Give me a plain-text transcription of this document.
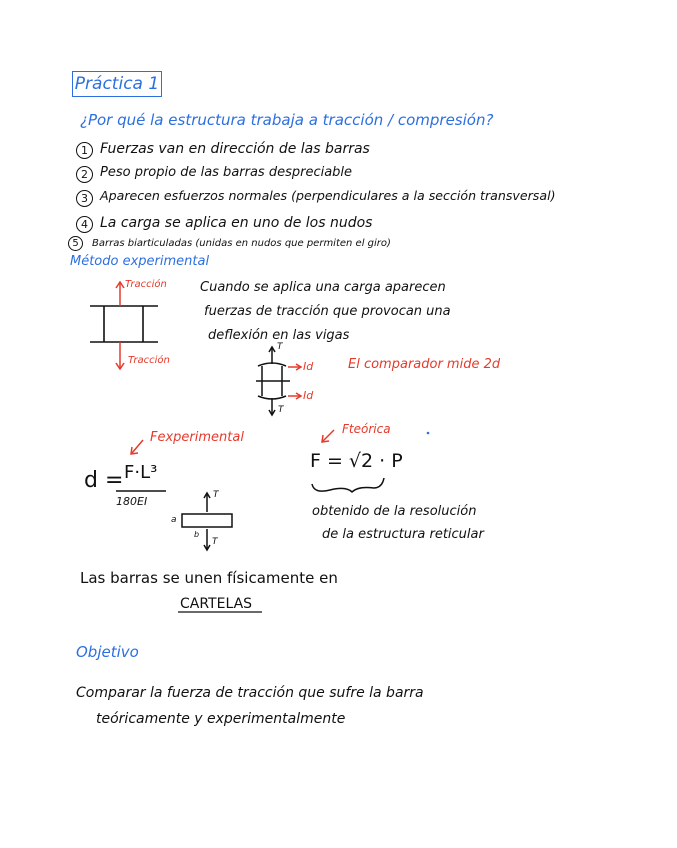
Práctica 1
¿Por qué la estructura trabaja a tracción / compresión?
1 Fuerzas van en dirección de las barras
2 Peso propio de las barras despreciable
3 Aparecen esfuerzos normales (perpendiculares a la sección transversal)
4 La carga se aplica en uno de los nudos
5	Barras biarticuladas (unidas en nudos que permiten el giro)
Método experimental
Tracción
Tracción
Cuando se aplica una carga aparecen
fuerzas de tracción que provocan una
deflexión en las vigas
T
T
Id
Id
El comparador mide 2d
Fexperimental
Fteórica
d = F·L³
180EI
F = √2 · P
T
T
a
b
obtenido de la resolución
de la estructura reticular
Las barras se unen físicamente en
CARTELAS
Objetivo
Comparar la fuerza de tracción que sufre la barra
teóricamente y experimentalmente
